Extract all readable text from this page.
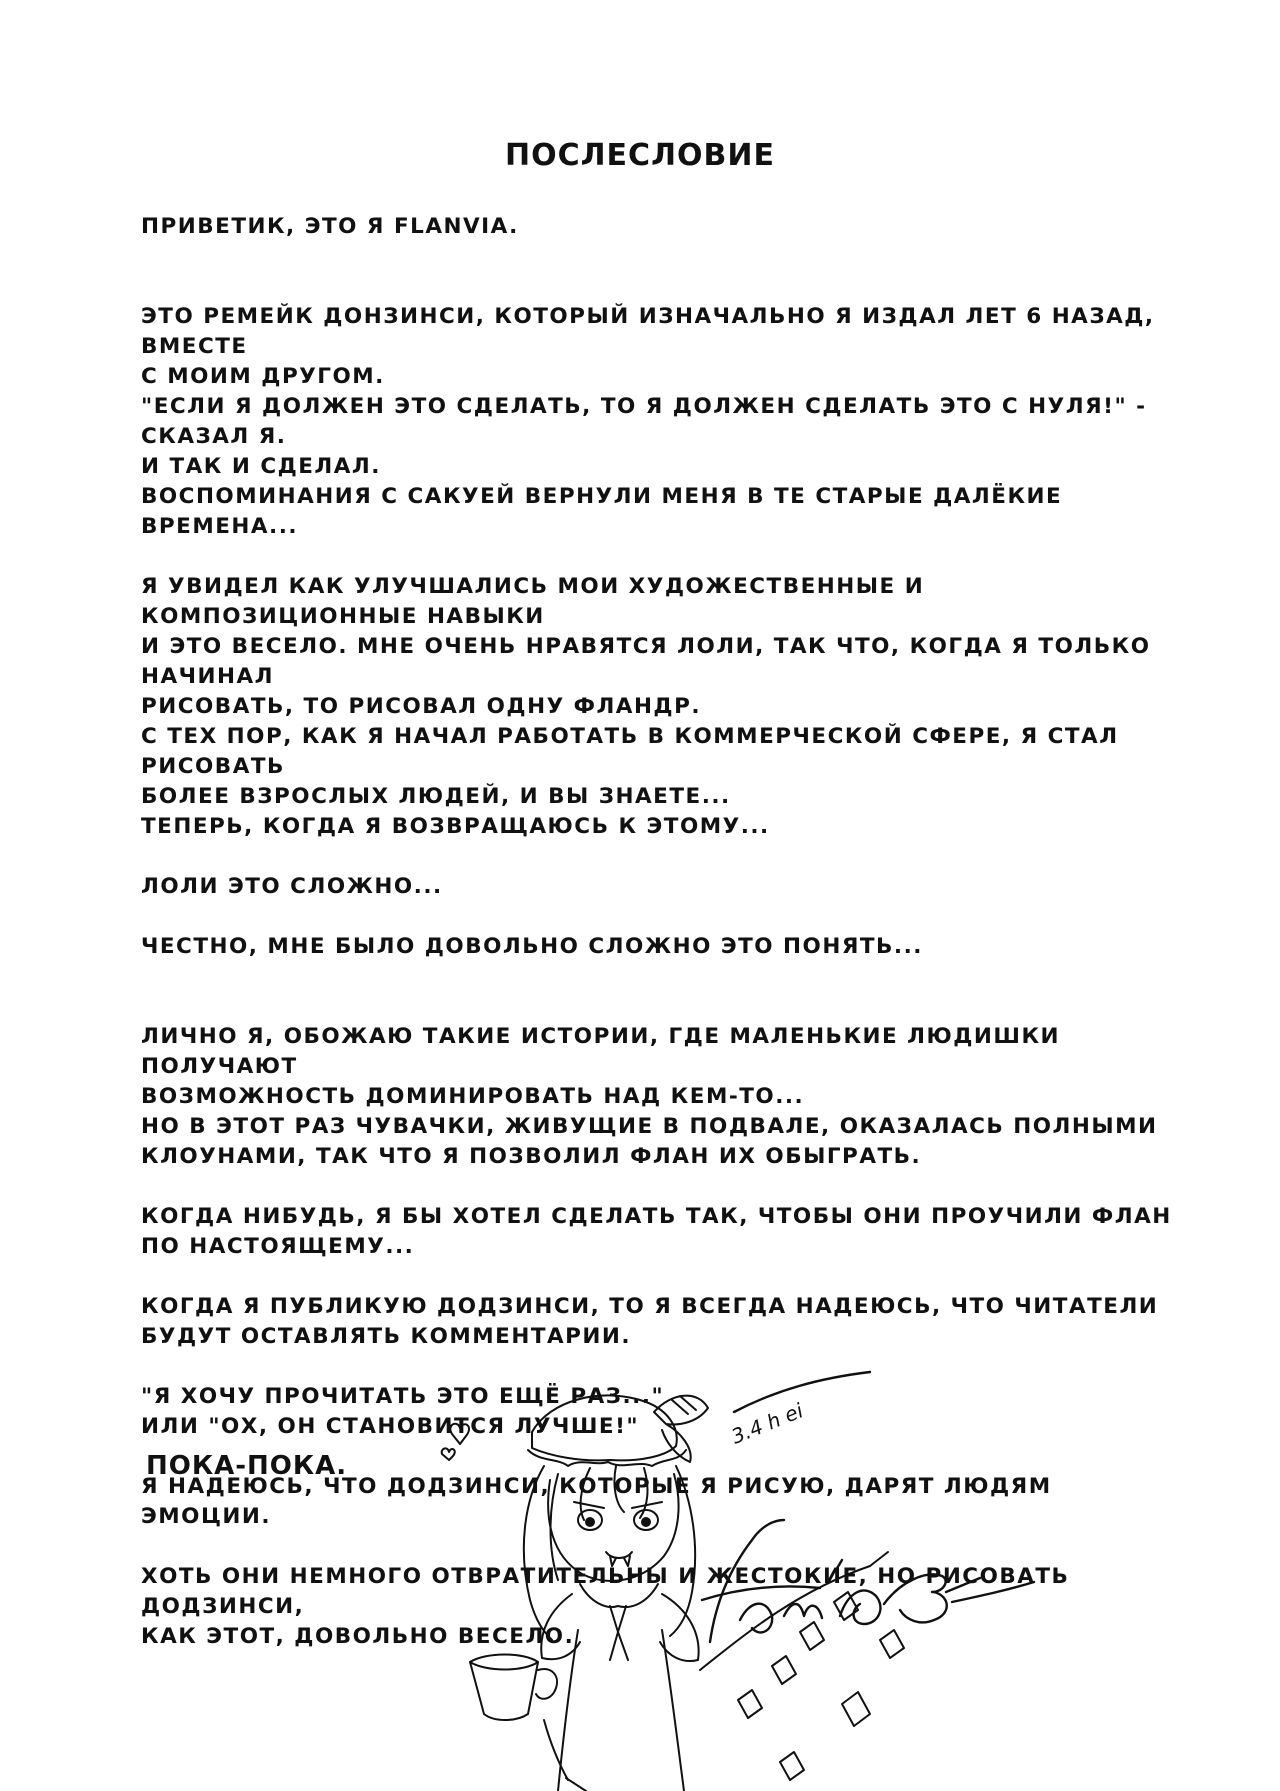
ПОСЛЕСЛОВИЕ
ПРИВЕТИК, ЭТО Я FLANVIA.
ЭТО РЕМЕЙК ДОНЗИНСИ, КОТОРЫЙ ИЗНАЧАЛЬНО Я ИЗДАЛ ЛЕТ 6 НАЗАД, ВМЕСТЕ
С МОИМ ДРУГОМ.
"ЕСЛИ Я ДОЛЖЕН ЭТО СДЕЛАТЬ, ТО Я ДОЛЖЕН СДЕЛАТЬ ЭТО С НУЛЯ!" - СКАЗАЛ Я.
И ТАК И СДЕЛАЛ.
ВОСПОМИНАНИЯ С САКУЕЙ ВЕРНУЛИ МЕНЯ В ТЕ СТАРЫЕ ДАЛЁКИЕ
ВРЕМЕНА...
Я УВИДЕЛ КАК УЛУЧШАЛИСЬ МОИ ХУДОЖЕСТВЕННЫЕ И КОМПОЗИЦИОННЫЕ НАВЫКИ
И ЭТО ВЕСЕЛО. МНЕ ОЧЕНЬ НРАВЯТСЯ ЛОЛИ, ТАК ЧТО, КОГДА Я ТОЛЬКО НАЧИНАЛ
РИСОВАТЬ, ТО РИСОВАЛ ОДНУ ФЛАНДР.
С ТЕХ ПОР, КАК Я НАЧАЛ РАБОТАТЬ В КОММЕРЧЕСКОЙ СФЕРЕ, Я СТАЛ РИСОВАТЬ
БОЛЕЕ ВЗРОСЛЫХ ЛЮДЕЙ, И ВЫ ЗНАЕТЕ...
ТЕПЕРЬ, КОГДА Я ВОЗВРАЩАЮСЬ К ЭТОМУ...
ЛОЛИ ЭТО СЛОЖНО...
ЧЕСТНО, МНЕ БЫЛО ДОВОЛЬНО СЛОЖНО ЭТО ПОНЯТЬ...
ЛИЧНО Я, ОБОЖАЮ ТАКИЕ ИСТОРИИ, ГДЕ МАЛЕНЬКИЕ ЛЮДИШКИ ПОЛУЧАЮТ
ВОЗМОЖНОСТЬ ДОМИНИРОВАТЬ НАД КЕМ-ТО...
НО В ЭТОТ РАЗ ЧУВАЧКИ, ЖИВУЩИЕ В ПОДВАЛЕ, ОКАЗАЛАСЬ ПОЛНЫМИ
КЛОУНАМИ, ТАК ЧТО Я ПОЗВОЛИЛ ФЛАН ИХ ОБЫГРАТЬ.
КОГДА НИБУДЬ, Я БЫ ХОТЕЛ СДЕЛАТЬ ТАК, ЧТОБЫ ОНИ ПРОУЧИЛИ ФЛАН
ПО НАСТОЯЩЕМУ...
КОГДА Я ПУБЛИКУЮ ДОДЗИНСИ, ТО Я ВСЕГДА НАДЕЮСЬ, ЧТО ЧИТАТЕЛИ
БУДУТ ОСТАВЛЯТЬ КОММЕНТАРИИ.
"Я ХОЧУ ПРОЧИТАТЬ ЭТО ЕЩЁ РАЗ..."
ИЛИ "ОХ, ОН СТАНОВИТСЯ ЛУЧШЕ!"
Я НАДЕЮСЬ, ЧТО ДОДЗИНСИ, КОТОРЫЕ Я РИСУЮ, ДАРЯТ ЛЮДЯМ ЭМОЦИИ.
ХОТЬ ОНИ НЕМНОГО ОТВРАТИТЕЛЬНЫ И ЖЕСТОКИЕ, НО РИСОВАТЬ ДОДЗИНСИ,
КАК ЭТОТ, ДОВОЛЬНО ВЕСЕЛО.
ПОКА-ПОКА.
3.4 h ei
